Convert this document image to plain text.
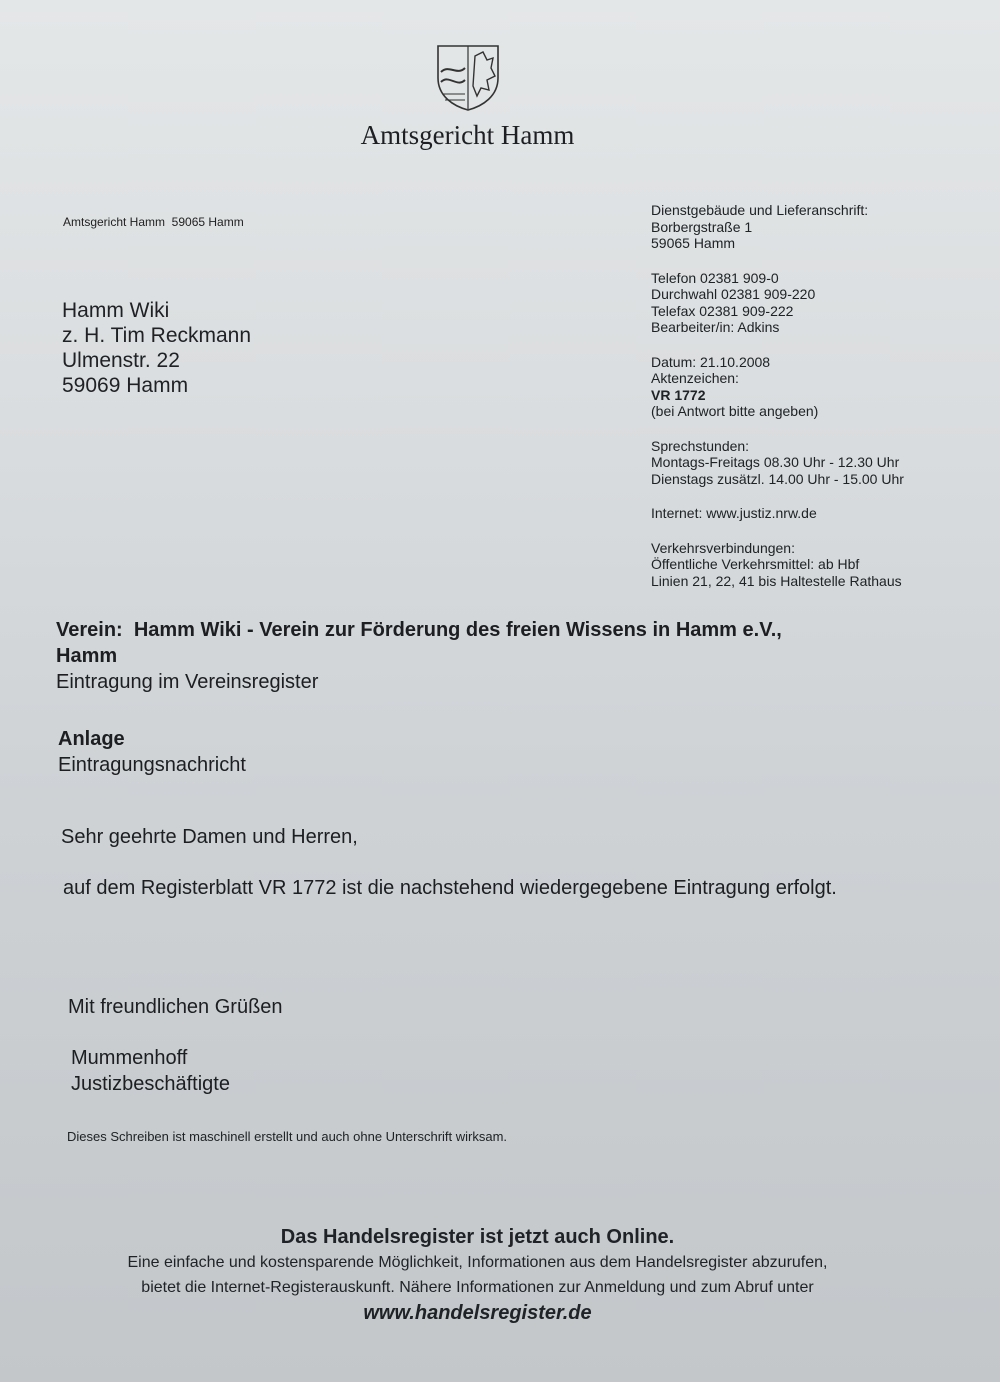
Amtsgericht Hamm
Amtsgericht Hamm  59065 Hamm
Hamm Wiki
z. H. Tim Reckmann
Ulmenstr. 22
59069 Hamm
Dienstgebäude und Lieferanschrift:
Borbergstraße 1
59065 Hamm
Telefon 02381 909-0
Durchwahl 02381 909-220
Telefax 02381 909-222
Bearbeiter/in: Adkins
Datum: 21.10.2008
Aktenzeichen:
VR 1772
(bei Antwort bitte angeben)
Sprechstunden:
Montags-Freitags 08.30 Uhr - 12.30 Uhr
Dienstags zusätzl. 14.00 Uhr - 15.00 Uhr
Internet: www.justiz.nrw.de
Verkehrsverbindungen:
Öffentliche Verkehrsmittel: ab Hbf
Linien 21, 22, 41 bis Haltestelle Rathaus
Verein: Hamm Wiki - Verein zur Förderung des freien Wissens in Hamm e.V.,
Hamm
Eintragung im Vereinsregister
Anlage
Eintragungsnachricht
Sehr geehrte Damen und Herren,
auf dem Registerblatt VR 1772 ist die nachstehend wiedergegebene Eintragung erfolgt.
Mit freundlichen Grüßen
Mummenhoff
Justizbeschäftigte
Dieses Schreiben ist maschinell erstellt und auch ohne Unterschrift wirksam.
Das Handelsregister ist jetzt auch Online.
Eine einfache und kostensparende Möglichkeit, Informationen aus dem Handelsregister abzurufen,
bietet die Internet-Registerauskunft. Nähere Informationen zur Anmeldung und zum Abruf unter
www.handelsregister.de
